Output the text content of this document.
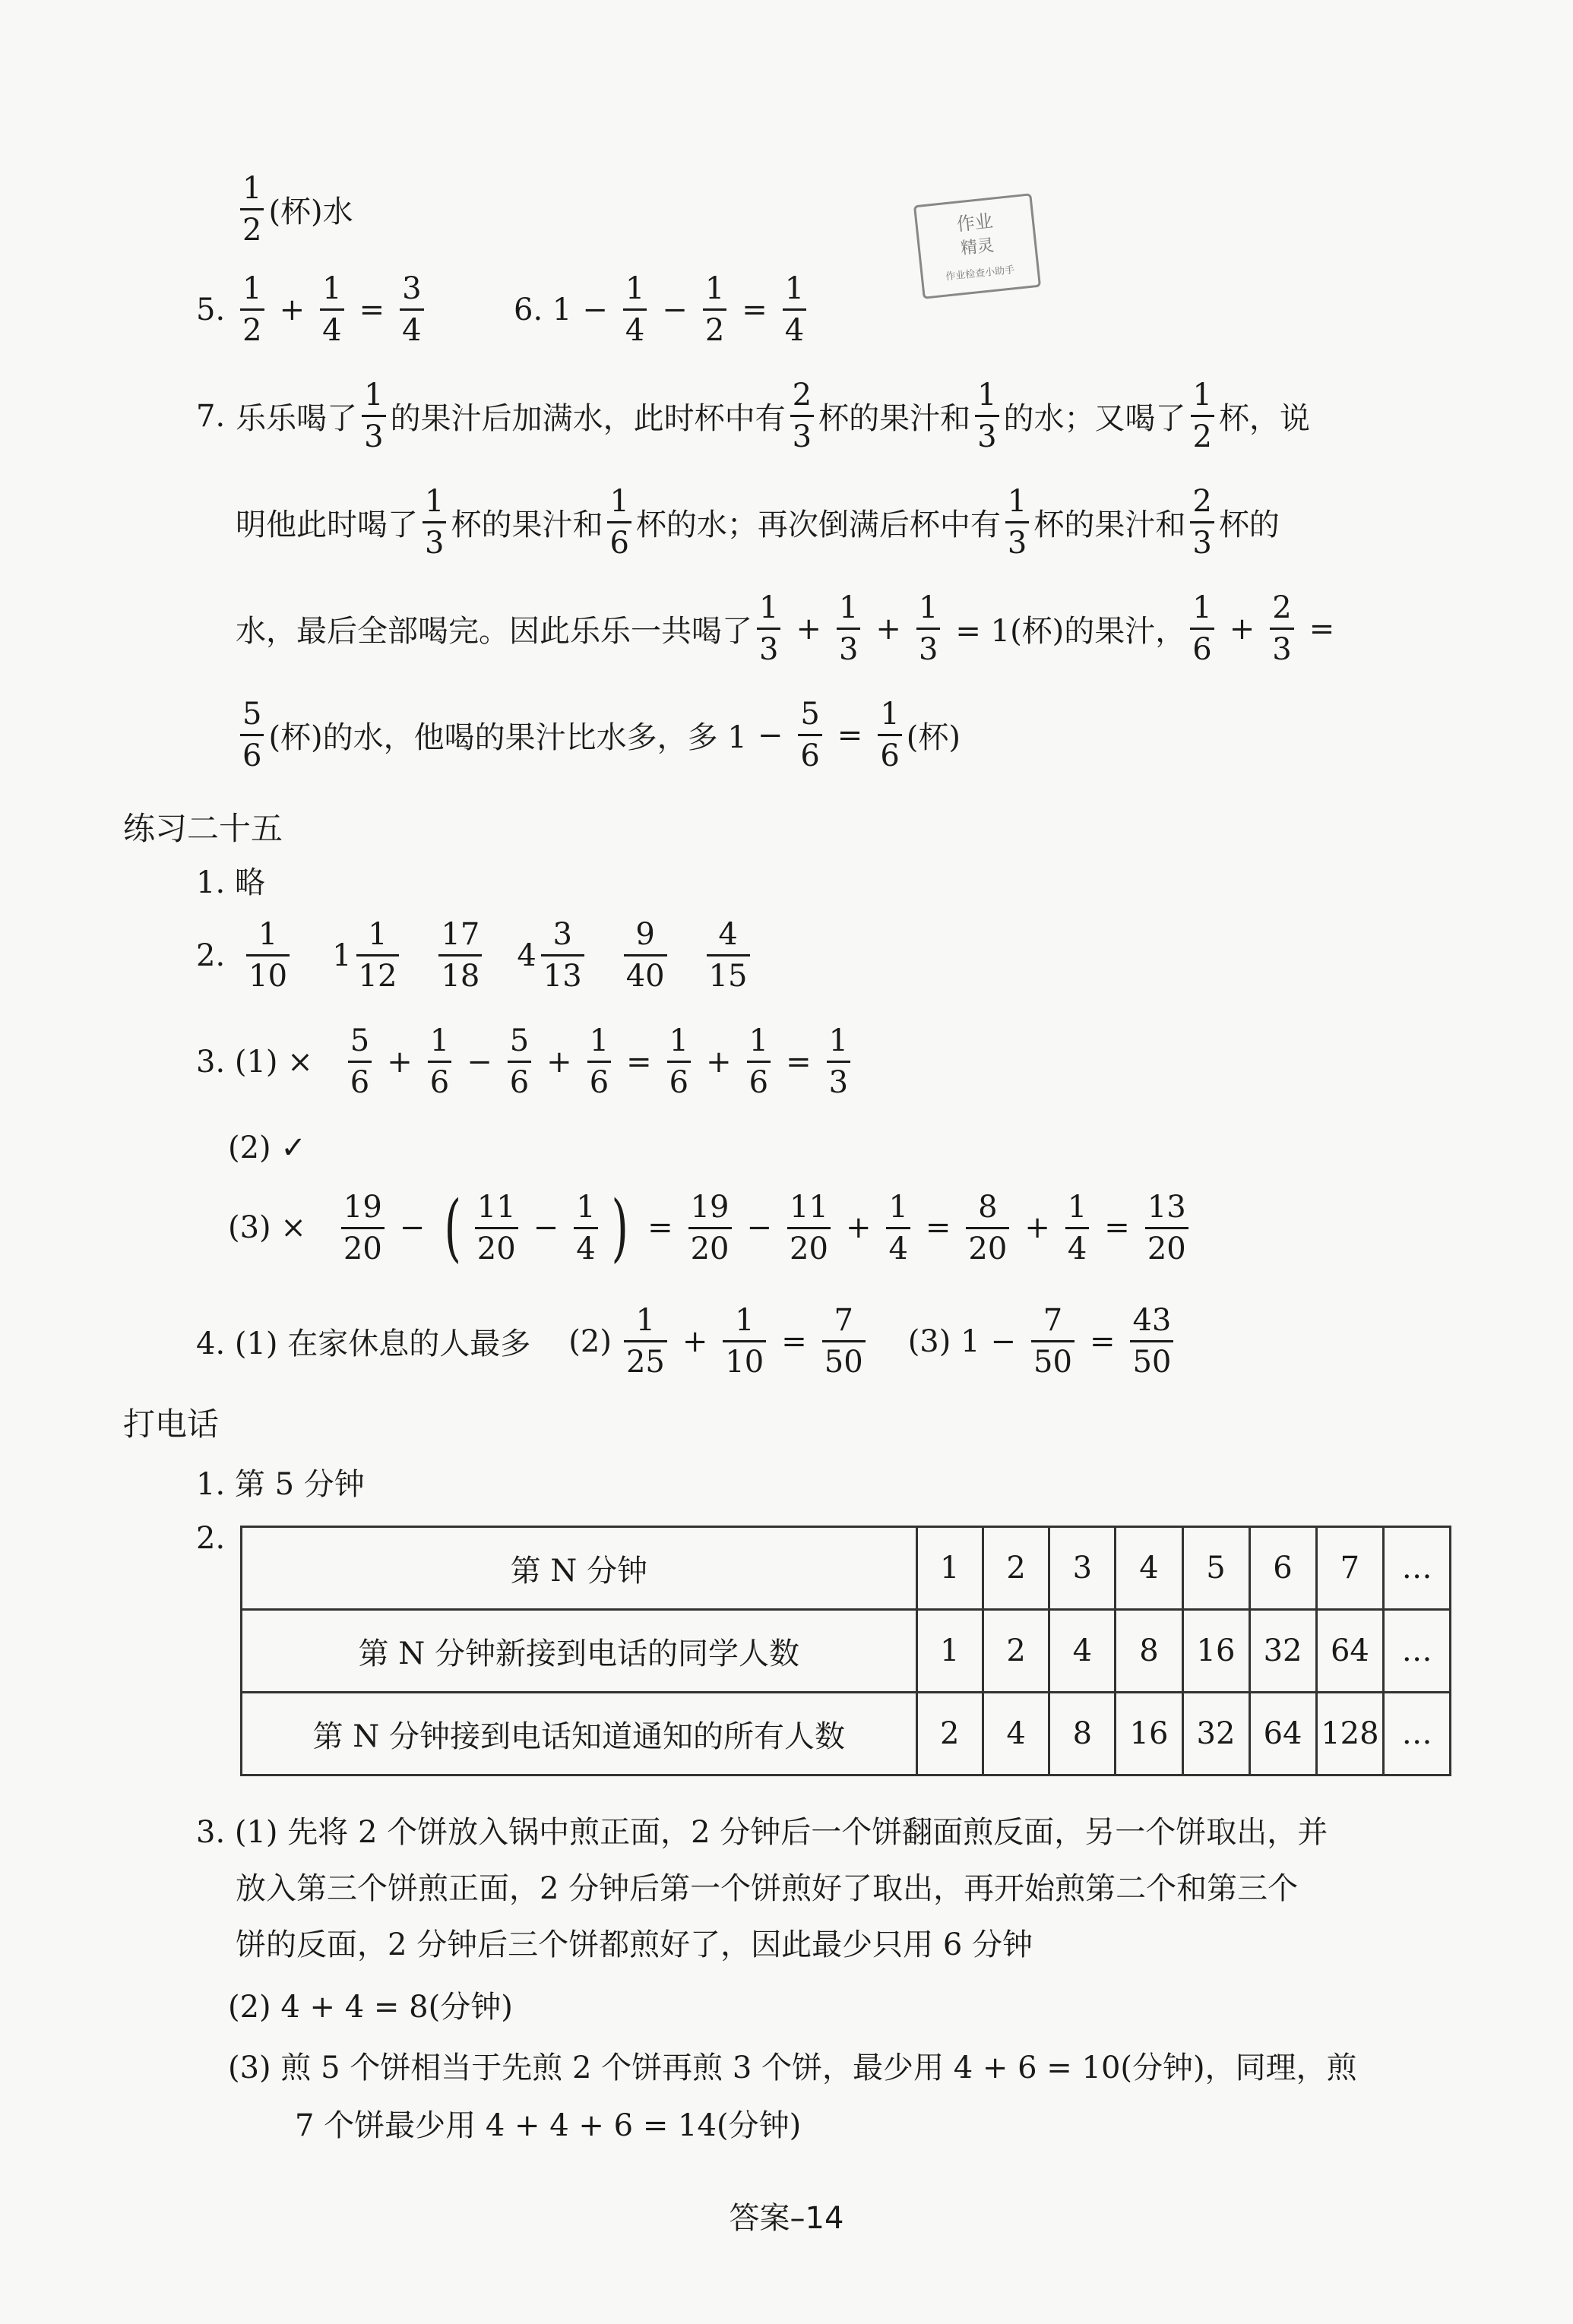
作业
精灵
作业检查小助手
$\frac{1}{2}$ (杯)水
5. $\frac{1}{2} + \frac{1}{4} = \frac{3}{4}$	6. $1 - \frac{1}{4} - \frac{1}{2} = \frac{1}{4}$
7. 乐乐喝了 $\frac{1}{3}$ 的果汁后加满水，此时杯中有 $\frac{2}{3}$ 杯的果汁和 $\frac{1}{3}$ 的水；又喝了 $\frac{1}{2}$ 杯，说
明他此时喝了 $\frac{1}{3}$ 杯的果汁和 $\frac{1}{6}$ 杯的水；再次倒满后杯中有 $\frac{1}{3}$ 杯的果汁和 $\frac{2}{3}$ 杯的
水，最后全部喝完。因此乐乐一共喝了 $\frac{1}{3} + \frac{1}{3} + \frac{1}{3} = 1$(杯)的果汁， $\frac{1}{6} + \frac{2}{3}$ =
$\frac{5}{6}$ (杯)的水，他喝的果汁比水多，多 $1 - \frac{5}{6} = \frac{1}{6}$ (杯)
练习二十五
1. 略
2. $\frac{1}{10} 1 \frac{1}{12} \frac{17}{18} 4 \frac{3}{13} \frac{9}{40} \frac{4}{15}$
3. $(1) \times \frac{5}{6} + \frac{1}{6} - \frac{5}{6} + \frac{1}{6} = \frac{1}{6} + \frac{1}{6} = \frac{1}{3}$
(2) ✓
$(3) \times \frac{19}{20}$ − ( $\frac{11}{20} - \frac{1}{4}$ ) = $\frac{19}{20} - \frac{11}{20} + \frac{1}{4} = \frac{8}{20} + \frac{1}{4} = \frac{13}{20}$
4. (1) 在家休息的人最多 $(2) \frac{1}{25} + \frac{1}{10} = \frac{7}{50} (3) 1 - \frac{7}{50} = \frac{43}{50}$
打电话
1. 第 5 分钟
2.
第 N 分钟	1	2	3	4	5	6	7	…
第 N 分钟新接到电话的同学人数	1	2	4	8	16	32	64	…
第 N 分钟接到电话知道通知的所有人数	2	4	8	16	32	64	128	…
3. (1) 先将 2 个饼放入锅中煎正面，2 分钟后一个饼翻面煎反面，另一个饼取出，并
放入第三个饼煎正面，2 分钟后第一个饼煎好了取出，再开始煎第二个和第三个
饼的反面，2 分钟后三个饼都煎好了，因此最少只用 6 分钟
(2) 4 + 4 = 8(分钟)
(3) 煎 5 个饼相当于先煎 2 个饼再煎 3 个饼，最少用 4 + 6 = 10(分钟)，同理，煎
7 个饼最少用 4 + 4 + 6 = 14(分钟)
答案–14
